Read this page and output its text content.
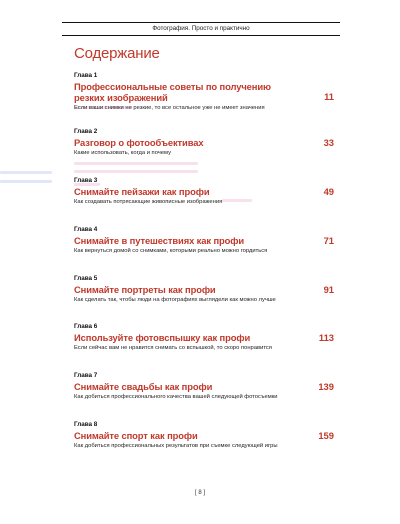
Фотография. Просто и практично
Содержание
Глава 1
Профессиональные советы по получению резких изображений
Если ваши снимки не резкие, то все остальное уже не имеет значения
11
Глава 2
Разговор о фотообъективах
Какие использовать, когда и почему
33
Глава 3
Снимайте пейзажи как профи
Как создавать потрясающие живописные изображения
49
Глава 4
Снимайте в путешествиях как профи
Как вернуться домой со снимками, которыми реально можно гордиться
71
Глава 5
Снимайте портреты как профи
Как сделать так, чтобы люди на фотографиях выглядели как можно лучше
91
Глава 6
Используйте фотовспышку как профи
Если сейчас вам не нравится снимать со вспышкой, то скоро понравится
113
Глава 7
Снимайте свадьбы как профи
Как добиться профессионального качества вашей следующей фотосъемки
139
Глава 8
Снимайте спорт как профи
Как добиться профессиональных результатов при съемке следующей игры
159
[ 8 ]
